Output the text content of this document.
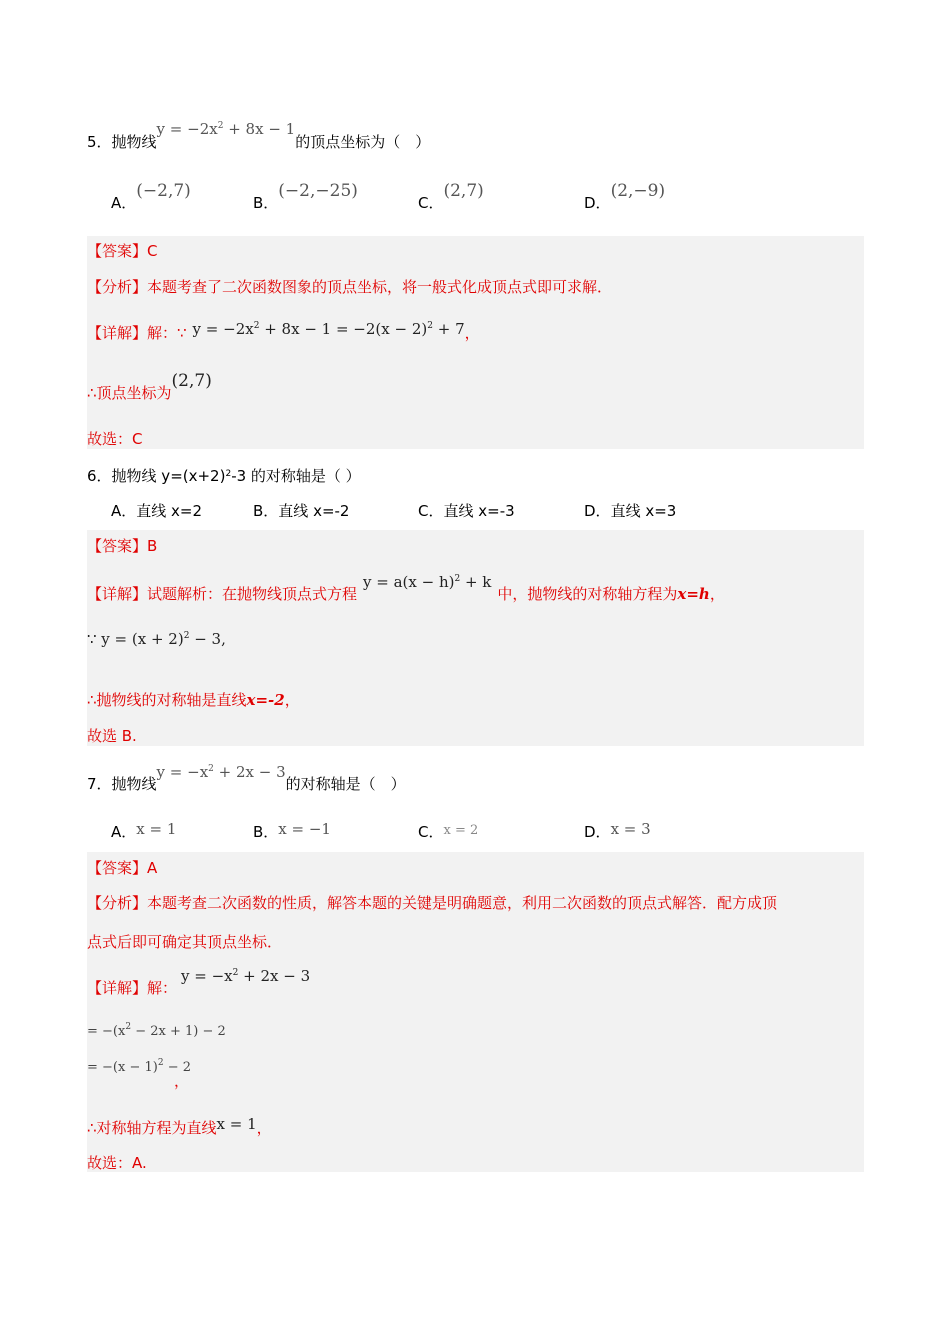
5．抛物线$y = -2x^2 + 8x - 1$的顶点坐标为（　）
A．(−2,7)
B．(−2,−25)
C．(2,7)
D．(2,−9)
【答案】C
【分析】本题考查了二次函数图象的顶点坐标，将一般式化成顶点式即可求解．
【详解】解：∵ $y = -2x^2 + 8x - 1 = -2(x - 2)^2 + 7$，
∴顶点坐标为(2,7)
故选：C
6．抛物线 $y=(x+2)^2-3$ 的对称轴是（ ）
A．直线 x=2	B．直线 x=-2	C．直线 x=-3	D．直线 x=3
【答案】B
【详解】试题解析：在抛物线顶点式方程$y = a(x - h)^2 + k$中，抛物线的对称轴方程为x=h，
∵ $y = (x + 2)^2 - 3$,
∴抛物线的对称轴是直线x=-2，
故选 B.
7．抛物线$y = -x^2 + 2x - 3$的对称轴是（　）
A．x = 1	B．x = −1	C．x = 2	D．x = 3
【答案】A
【分析】本题考查二次函数的性质，解答本题的关键是明确题意，利用二次函数的顶点式解答．配方成顶
点式后即可确定其顶点坐标．
【详解】解：$y = -x^2 + 2x - 3$
= $-(x^2 - 2x + 1) - 2$
= $-(x - 1)^2 - 2$
，
∴对称轴方程为直线x = 1，
故选：A.
